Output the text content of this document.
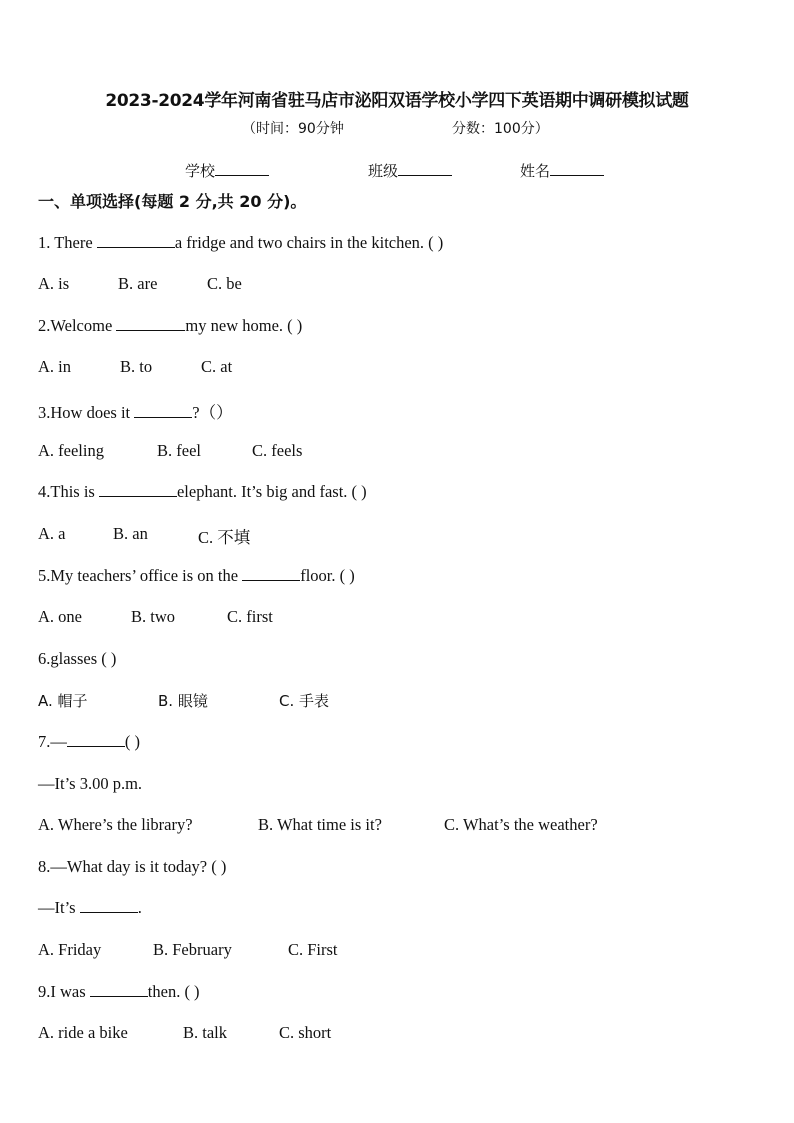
2023-2024学年河南省驻马店市泌阳双语学校小学四下英语期中调研模拟试题
（时间：90分钟	分数：100分）
学校	班级	姓名
一、单项选择(每题 2 分,共 20 分)。
1. There	a fridge and two chairs in the kitchen. ( )
A. is	B. are	C. be
2.Welcome	my new home. ( )
A. in	B. to	C. at
3.How does it	?（）
A. feeling	B. feel	C. feels
4.This is	elephant. It’s big and fast. ( )
A. a	B. an	C. 不填
5.My teachers’ office is on the	floor. ( )
A. one	B. two	C. first
6.glasses ( )
A. 帽子	B. 眼镜	C. 手表
7.—	( )
—It’s 3.00 p.m.
A. Where’s the library?	B. What time is it?	C. What’s the weather?
8.—What day is it today? ( )
—It’s	.
A. Friday	B. February	C. First
9.I was	then. ( )
A. ride a bike	B. talk	C. short
